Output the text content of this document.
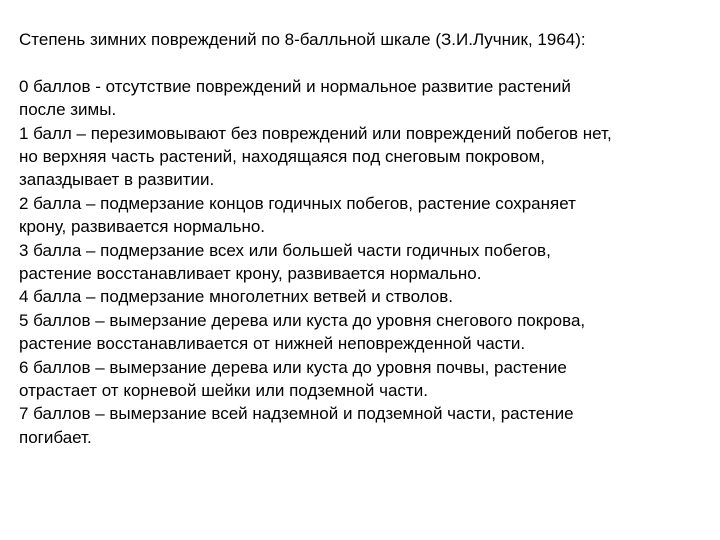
Степень зимних повреждений по 8-балльной шкале (З.И.Лучник, 1964):

0 баллов - отсутствие повреждений и нормальное развитие растений
после зимы.

1 балл – перезимовывают без повреждений или повреждений побегов нет,
но верхняя часть растений, находящаяся под снеговым покровом,
запаздывает в развитии.

2 балла – подмерзание концов годичных побегов, растение сохраняет
крону, развивается нормально.

3 балла – подмерзание всех или большей части годичных побегов,
растение восстанавливает крону, развивается нормально.

4 балла – подмерзание многолетних ветвей и стволов.

5 баллов – вымерзание дерева или куста до уровня снегового покрова,
растение восстанавливается от нижней неповрежденной части.

6 баллов – вымерзание дерева или куста до уровня почвы, растение
отрастает от корневой шейки или подземной части.

7 баллов – вымерзание всей надземной и подземной части, растение
погибает.
